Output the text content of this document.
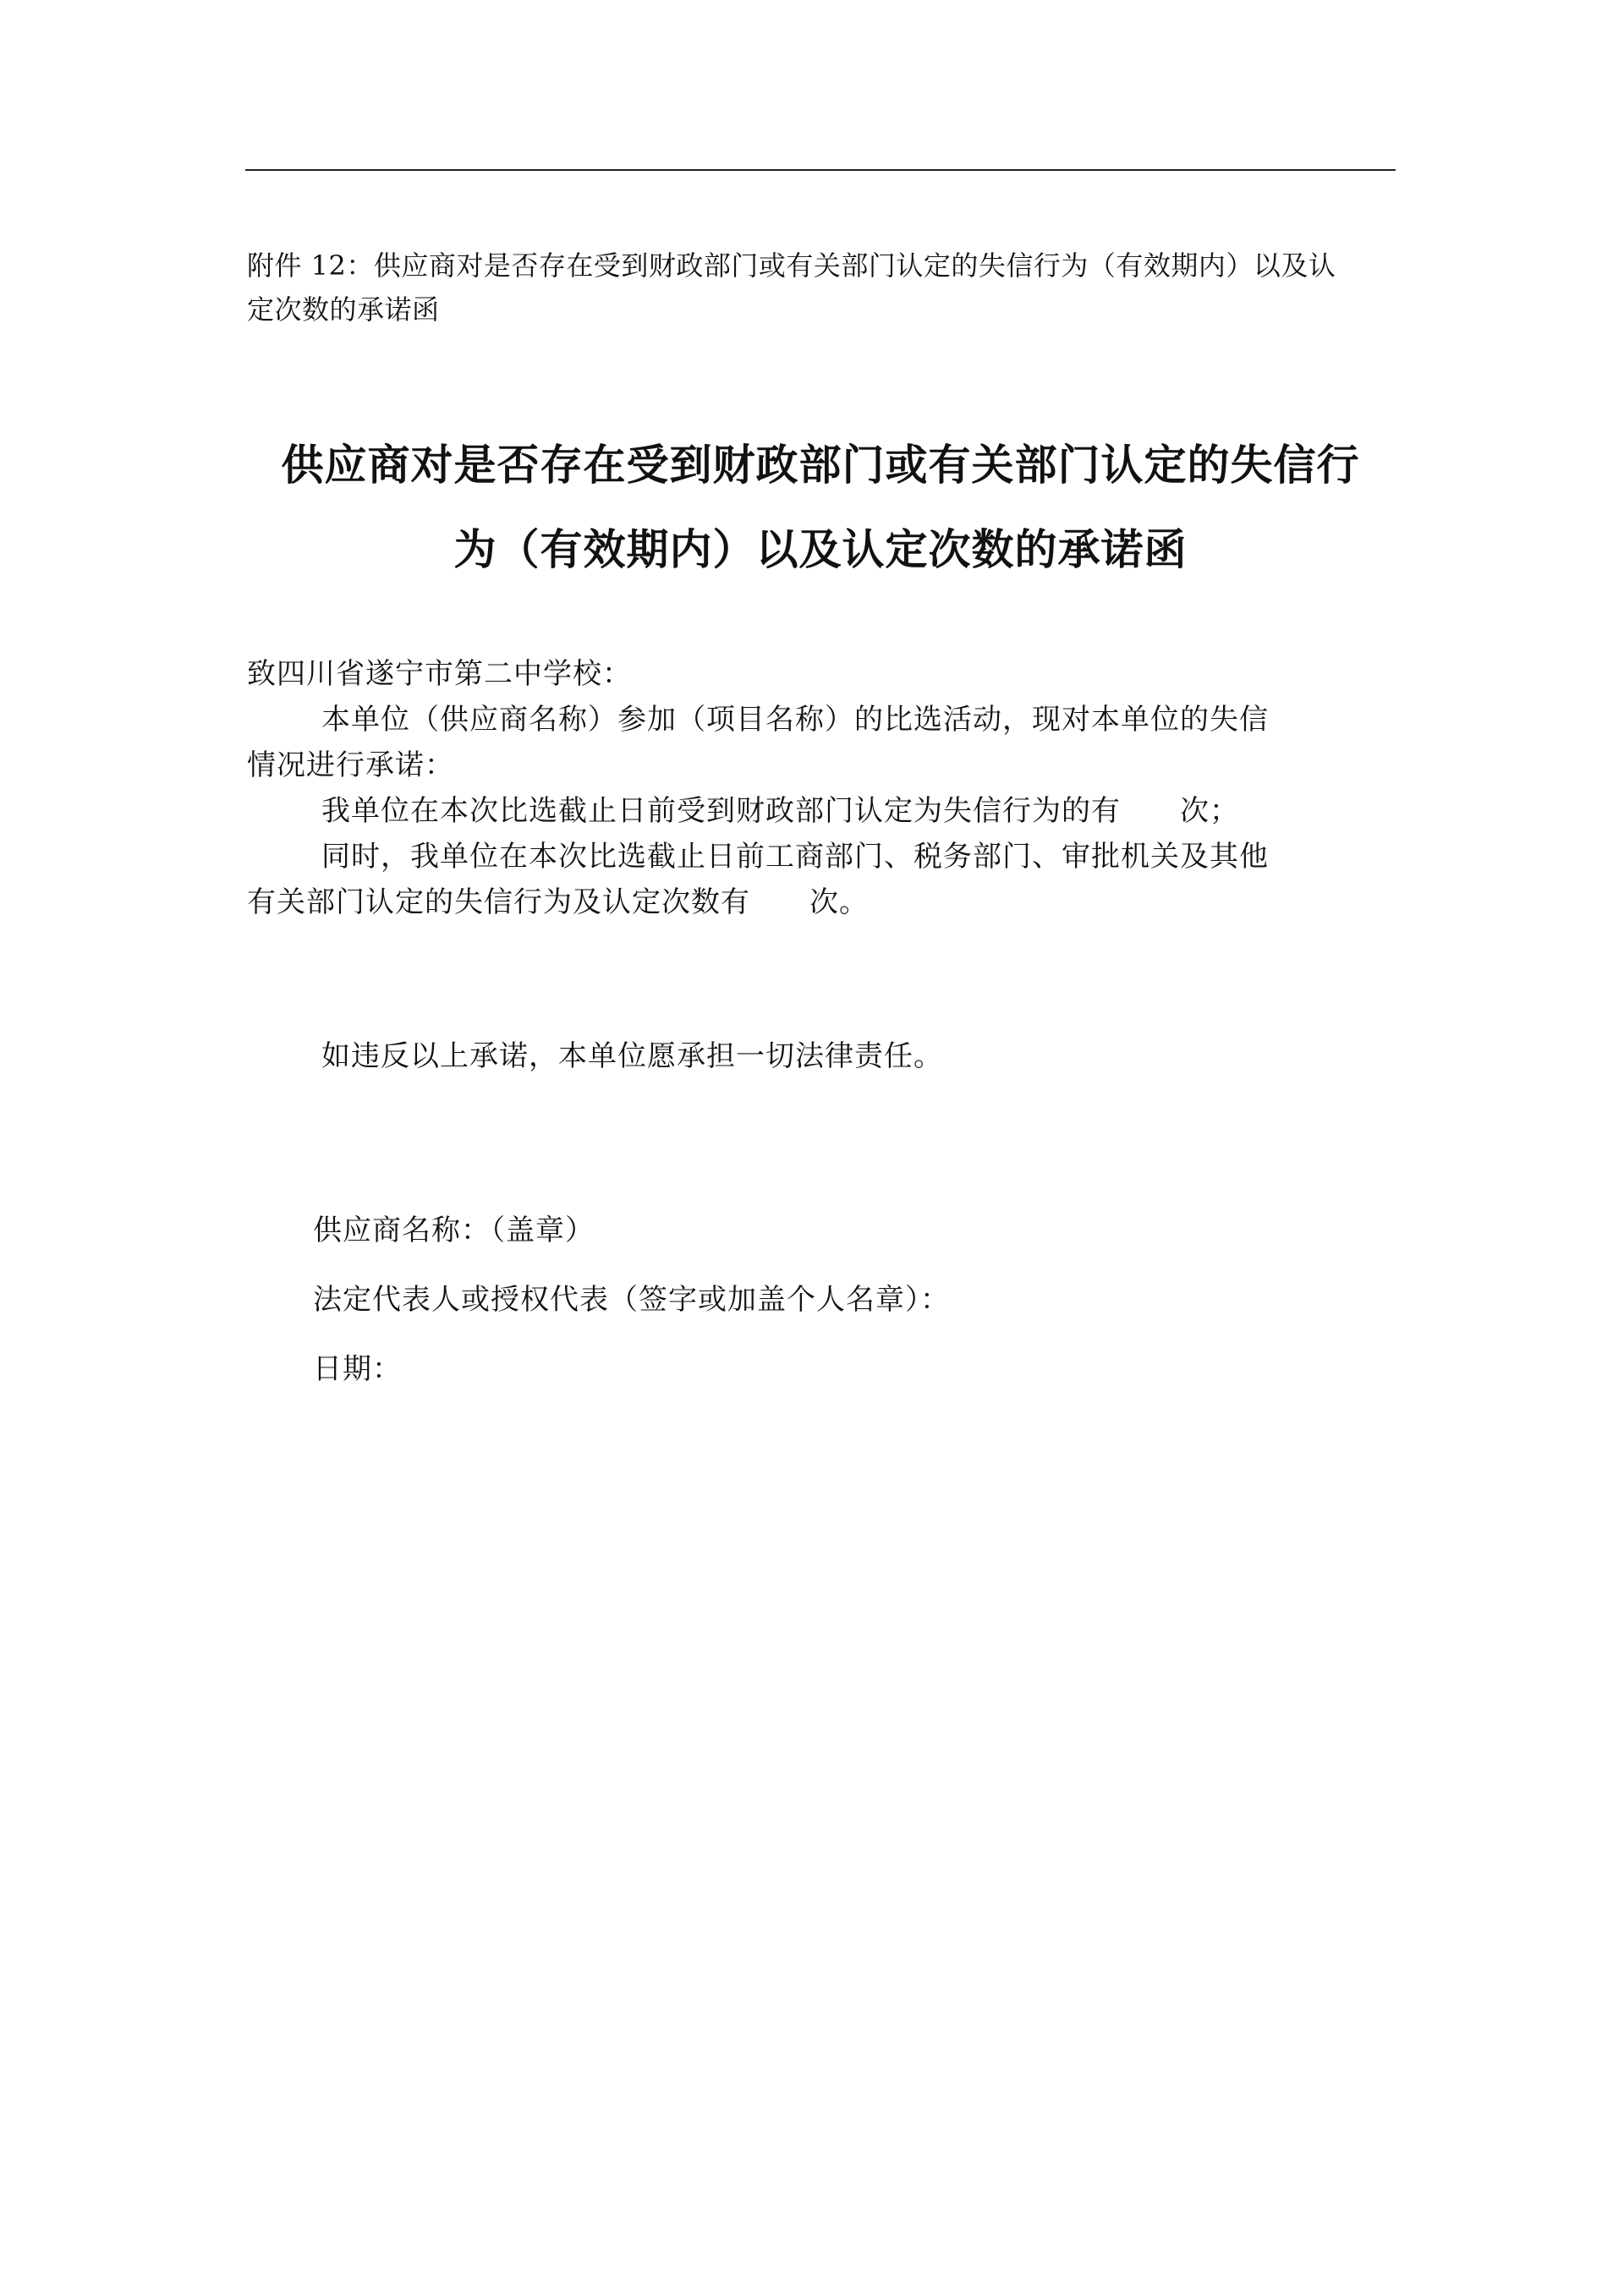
附件 12：供应商对是否存在受到财政部门或有关部门认定的失信行为（有效期内）以及认
定次数的承诺函
供应商对是否存在受到财政部门或有关部门认定的失信行
为（有效期内）以及认定次数的承诺函
致四川省遂宁市第二中学校：
本单位（供应商名称）参加（项目名称）的比选活动，现对本单位的失信
情况进行承诺：
我单位在本次比选截止日前受到财政部门认定为失信行为的有 次；
同时，我单位在本次比选截止日前工商部门、税务部门、审批机关及其他
有关部门认定的失信行为及认定次数有 次。
如违反以上承诺，本单位愿承担一切法律责任。
供应商名称：（盖章）
法定代表人或授权代表（签字或加盖个人名章）：
日期：
